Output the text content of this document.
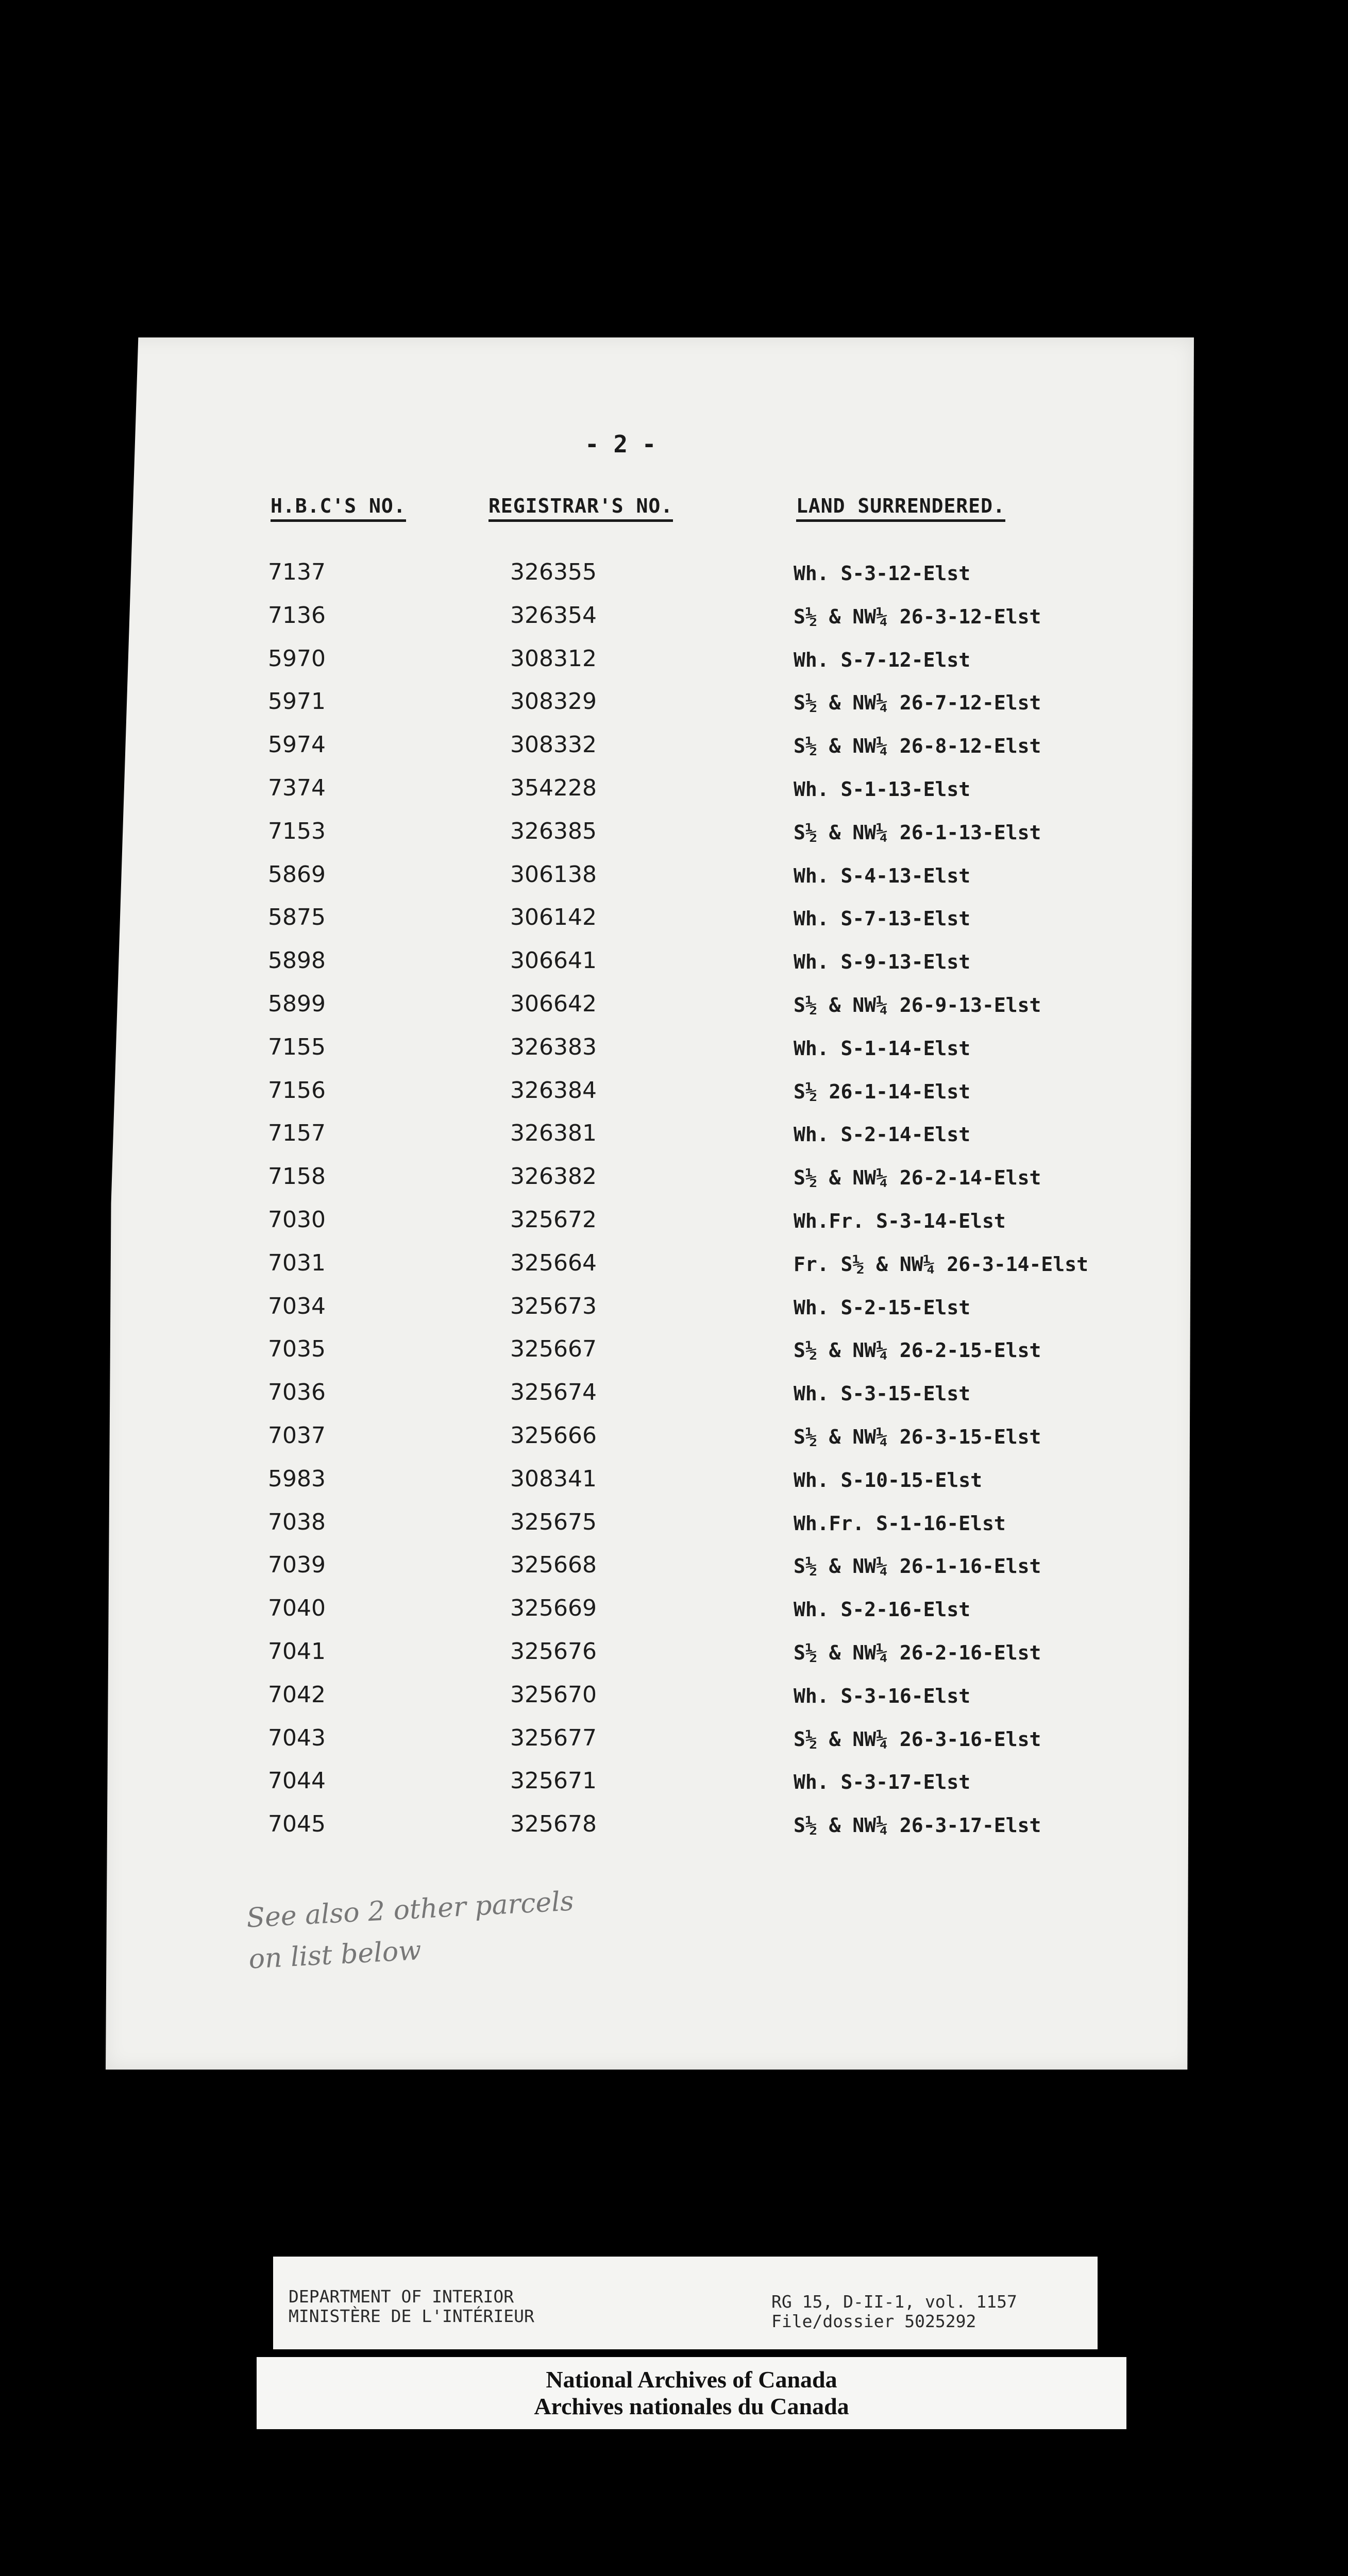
- 2 -
H.B.C'S NO.	REGISTRAR'S NO.	LAND SURRENDERED.
7137	326355	Wh. S-3-12-Elst
7136	326354	S½ & NW¼ 26-3-12-Elst
5970	308312	Wh. S-7-12-Elst
5971	308329	S½ & NW¼ 26-7-12-Elst
5974	308332	S½ & NW¼ 26-8-12-Elst
7374	354228	Wh. S-1-13-Elst
7153	326385	S½ & NW¼ 26-1-13-Elst
5869	306138	Wh. S-4-13-Elst
5875	306142	Wh. S-7-13-Elst
5898	306641	Wh. S-9-13-Elst
5899	306642	S½ & NW¼ 26-9-13-Elst
7155	326383	Wh. S-1-14-Elst
7156	326384	S½ 26-1-14-Elst
7157	326381	Wh. S-2-14-Elst
7158	326382	S½ & NW¼ 26-2-14-Elst
7030	325672	Wh.Fr. S-3-14-Elst
7031	325664	Fr. S½ & NW¼ 26-3-14-Elst
7034	325673	Wh. S-2-15-Elst
7035	325667	S½ & NW¼ 26-2-15-Elst
7036	325674	Wh. S-3-15-Elst
7037	325666	S½ & NW¼ 26-3-15-Elst
5983	308341	Wh. S-10-15-Elst
7038	325675	Wh.Fr. S-1-16-Elst
7039	325668	S½ & NW¼ 26-1-16-Elst
7040	325669	Wh. S-2-16-Elst
7041	325676	S½ & NW¼ 26-2-16-Elst
7042	325670	Wh. S-3-16-Elst
7043	325677	S½ & NW¼ 26-3-16-Elst
7044	325671	Wh. S-3-17-Elst
7045	325678	S½ & NW¼ 26-3-17-Elst
See also 2 other parcels
on list below
DEPARTMENT OF INTERIOR
MINISTÈRE DE L'INTÉRIEUR
RG 15, D-II-1, vol. 1157
File/dossier 5025292
National Archives of Canada
Archives nationales du Canada
